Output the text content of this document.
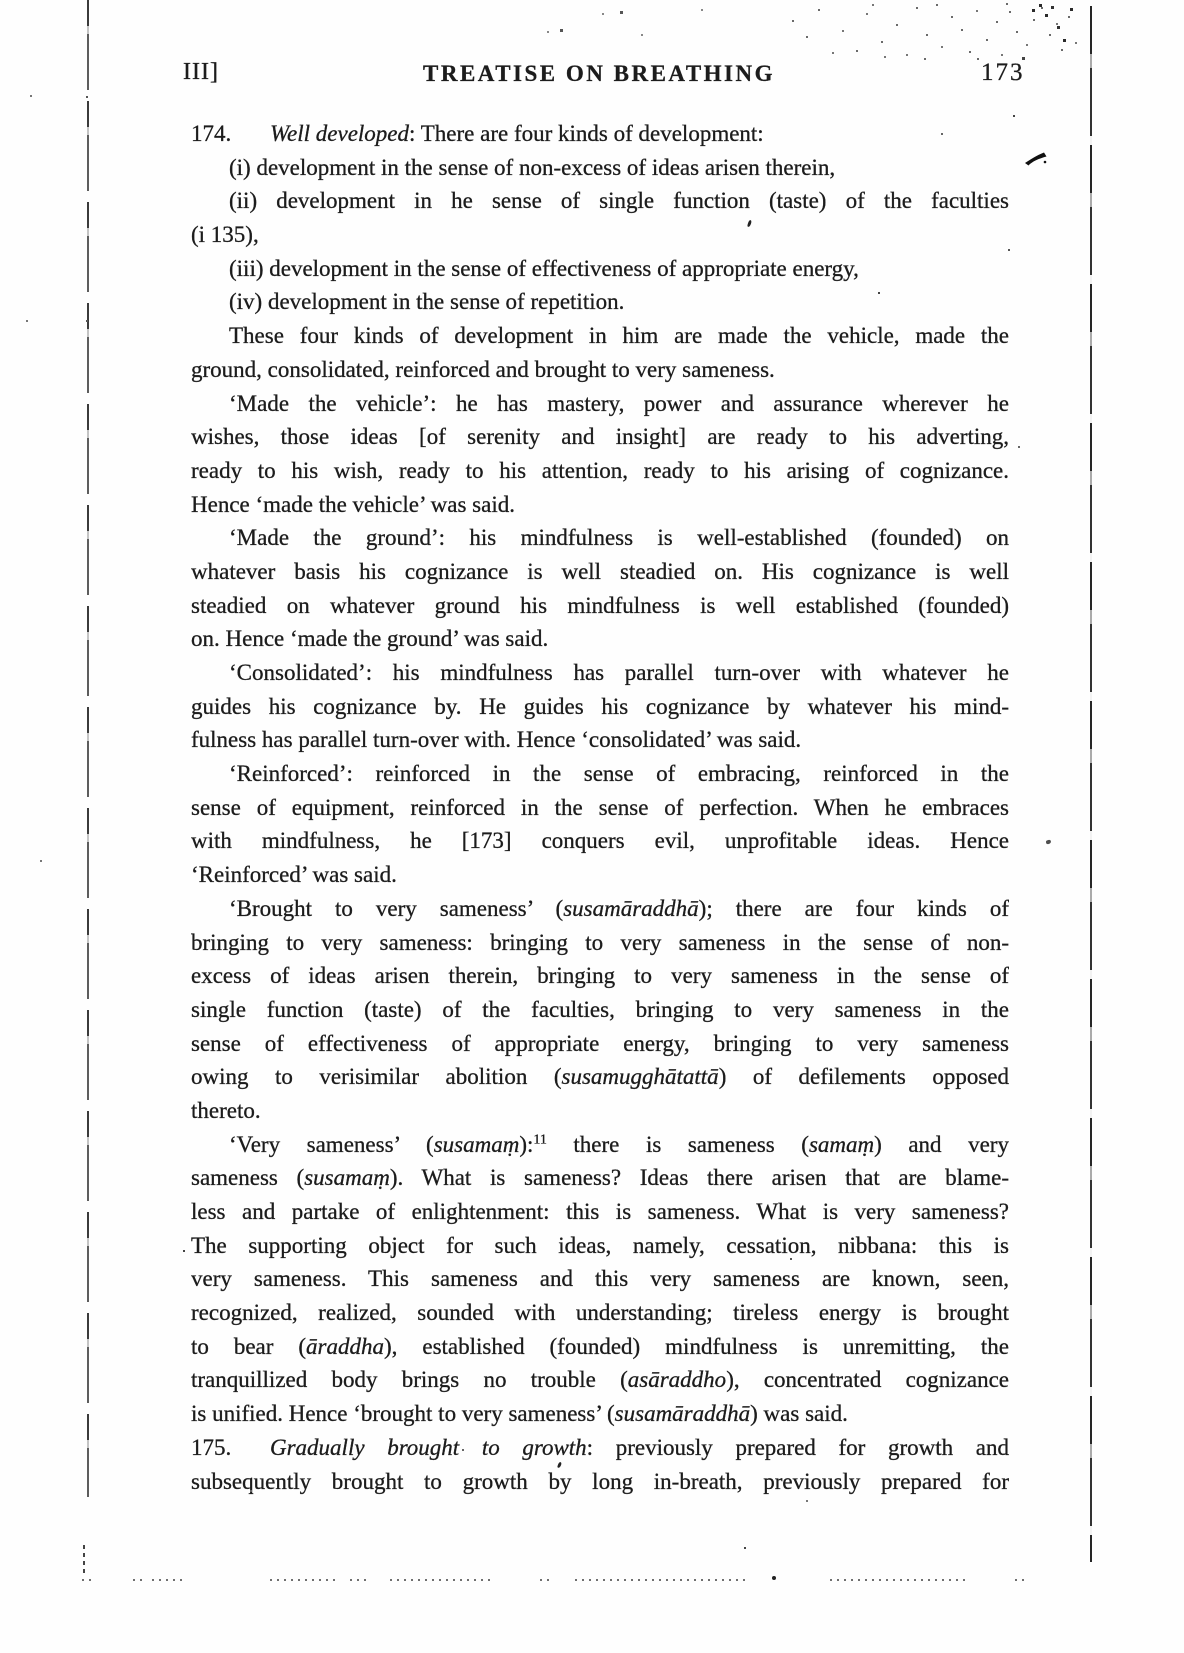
III]	TREATISE ON BREATHING	173
174. Well developed: There are four kinds of development:
(i) development in the sense of non-excess of ideas arisen therein,
(ii) development in he sense of single function (taste) of the faculties
(i 135),
(iii) development in the sense of effectiveness of appropriate energy,
(iv) development in the sense of repetition.
These four kinds of development in him are made the vehicle, made the
ground, consolidated, reinforced and brought to very sameness.
‘Made the vehicle’: he has mastery, power and assurance wherever he
wishes, those ideas [of serenity and insight] are ready to his adverting,
ready to his wish, ready to his attention, ready to his arising of cognizance.
Hence ‘made the vehicle’ was said.
‘Made the ground’: his mindfulness is well-established (founded) on
whatever basis his cognizance is well steadied on. His cognizance is well
steadied on whatever ground his mindfulness is well established (founded)
on. Hence ‘made the ground’ was said.
‘Consolidated’: his mindfulness has parallel turn-over with whatever he
guides his cognizance by. He guides his cognizance by whatever his mind-
fulness has parallel turn-over with. Hence ‘consolidated’ was said.
‘Reinforced’: reinforced in the sense of embracing, reinforced in the
sense of equipment, reinforced in the sense of perfection. When he embraces
with mindfulness, he [173] conquers evil, unprofitable ideas. Hence
‘Reinforced’ was said.
‘Brought to very sameness’ (susamāraddhā); there are four kinds of
bringing to very sameness: bringing to very sameness in the sense of non-
excess of ideas arisen therein, bringing to very sameness in the sense of
single function (taste) of the faculties, bringing to very sameness in the
sense of effectiveness of appropriate energy, bringing to very sameness
owing to verisimilar abolition (susamugghātattā) of defilements opposed
thereto.
‘Very sameness’ (susamaṃ):$^{11}$ there is sameness (samaṃ) and very
sameness (susamaṃ). What is sameness? Ideas there arisen that are blame-
less and partake of enlightenment: this is sameness. What is very sameness?
The supporting object for such ideas, namely, cessation, nibbana: this is
very sameness. This sameness and this very sameness are known, seen,
recognized, realized, sounded with understanding; tireless energy is brought
to bear (āraddha), established (founded) mindfulness is unremitting, the
tranquillized body brings no trouble (asāraddho), concentrated cognizance
is unified. Hence ‘brought to very sameness’ (susamāraddhā) was said.
175. Gradually brought to growth: previously prepared for growth and
subsequently brought to growth by long in-breath, previously prepared for
